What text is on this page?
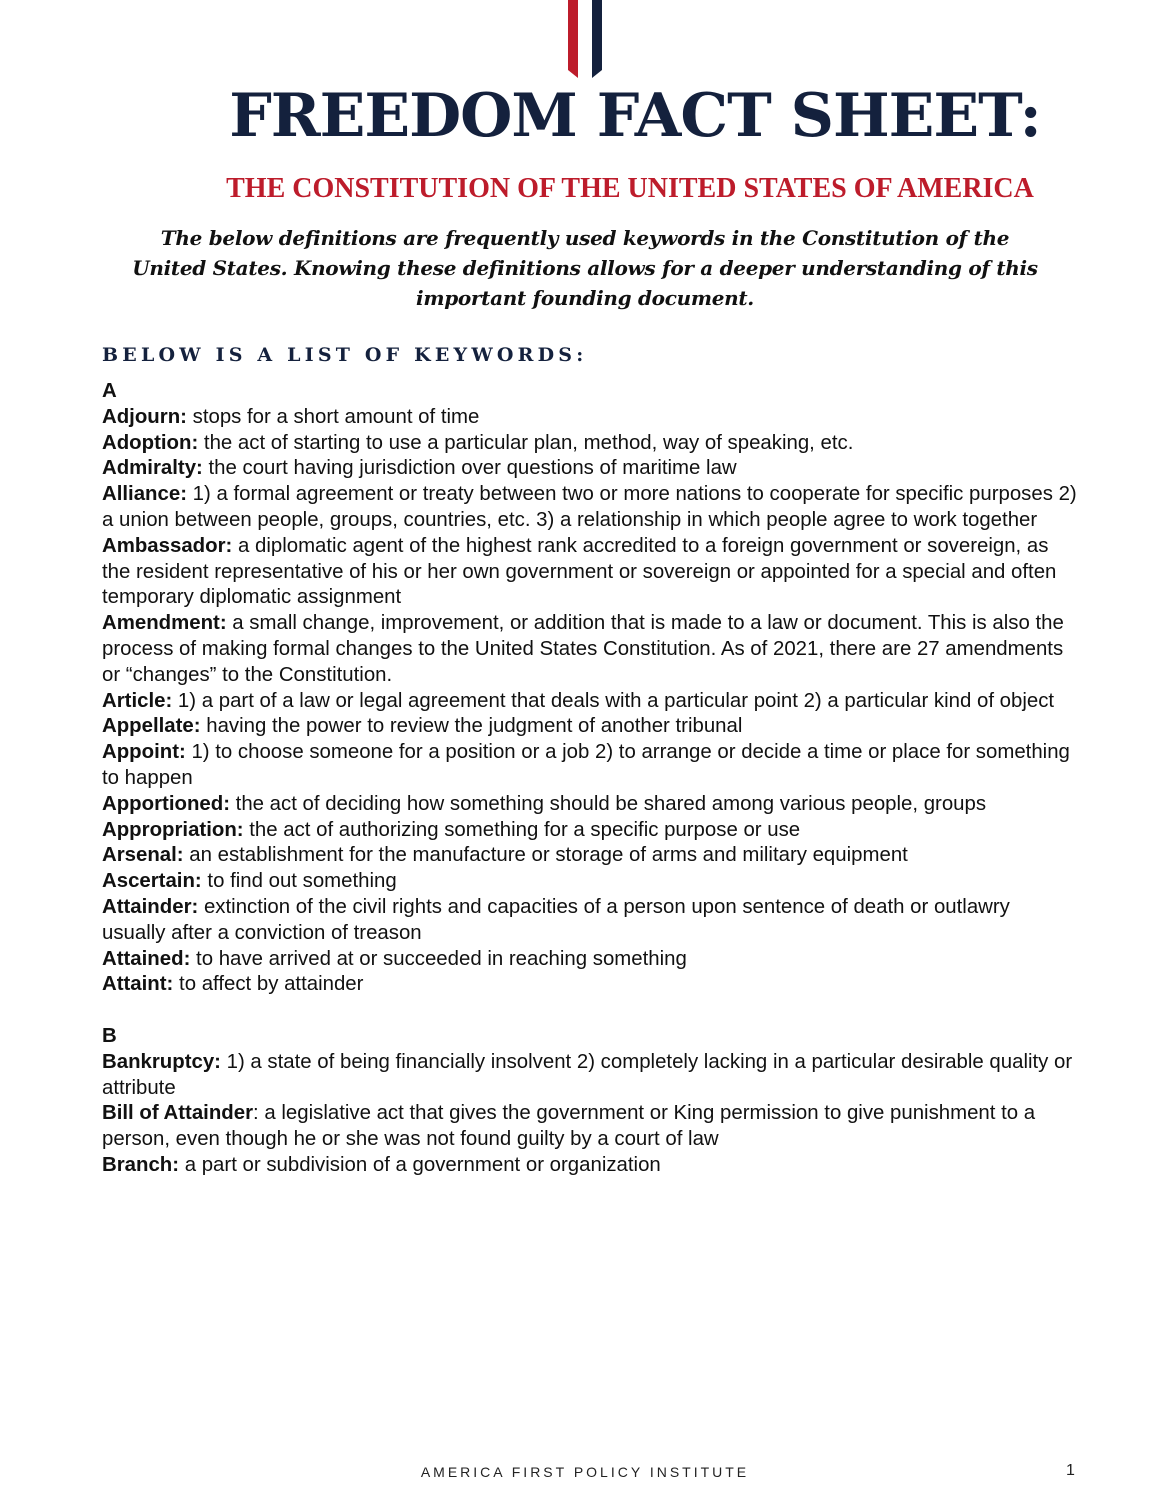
FREEDOM FACT SHEET:
THE CONSTITUTION OF THE UNITED STATES OF AMERICA

The below definitions are frequently used keywords in the Constitution of the United States. Knowing these definitions allows for a deeper understanding of this important founding document.

BELOW IS A LIST OF KEYWORDS:
A

Adjourn: stops for a short amount of time

Adoption: the act of starting to use a particular plan, method, way of speaking, etc.

Admiralty: the court having jurisdiction over questions of maritime law

Alliance: 1) a formal agreement or treaty between two or more nations to cooperate for specific purposes 2) a union between people, groups, countries, etc. 3) a relationship in which people agree to work together

Ambassador: a diplomatic agent of the highest rank accredited to a foreign government or sovereign, as the resident representative of his or her own government or sovereign or appointed for a special and often temporary diplomatic assignment

Amendment: a small change, improvement, or addition that is made to a law or document. This is also the process of making formal changes to the United States Constitution. As of 2021, there are 27 amendments or “changes” to the Constitution.

Article: 1) a part of a law or legal agreement that deals with a particular point 2) a particular kind of object

Appellate: having the power to review the judgment of another tribunal

Appoint: 1) to choose someone for a position or a job 2) to arrange or decide a time or place for something to happen

Apportioned: the act of deciding how something should be shared among various people, groups

Appropriation: the act of authorizing something for a specific purpose or use

Arsenal: an establishment for the manufacture or storage of arms and military equipment

Ascertain: to find out something

Attainder: extinction of the civil rights and capacities of a person upon sentence of death or outlawry usually after a conviction of treason

Attained: to have arrived at or succeeded in reaching something

Attaint: to affect by attainder

B

Bankruptcy: 1) a state of being financially insolvent 2) completely lacking in a particular desirable quality or attribute

Bill of Attainder: a legislative act that gives the government or King permission to give punishment to a person, even though he or she was not found guilty by a court of law

Branch: a part or subdivision of a government or organization

AMERICA FIRST POLICY INSTITUTE	1
